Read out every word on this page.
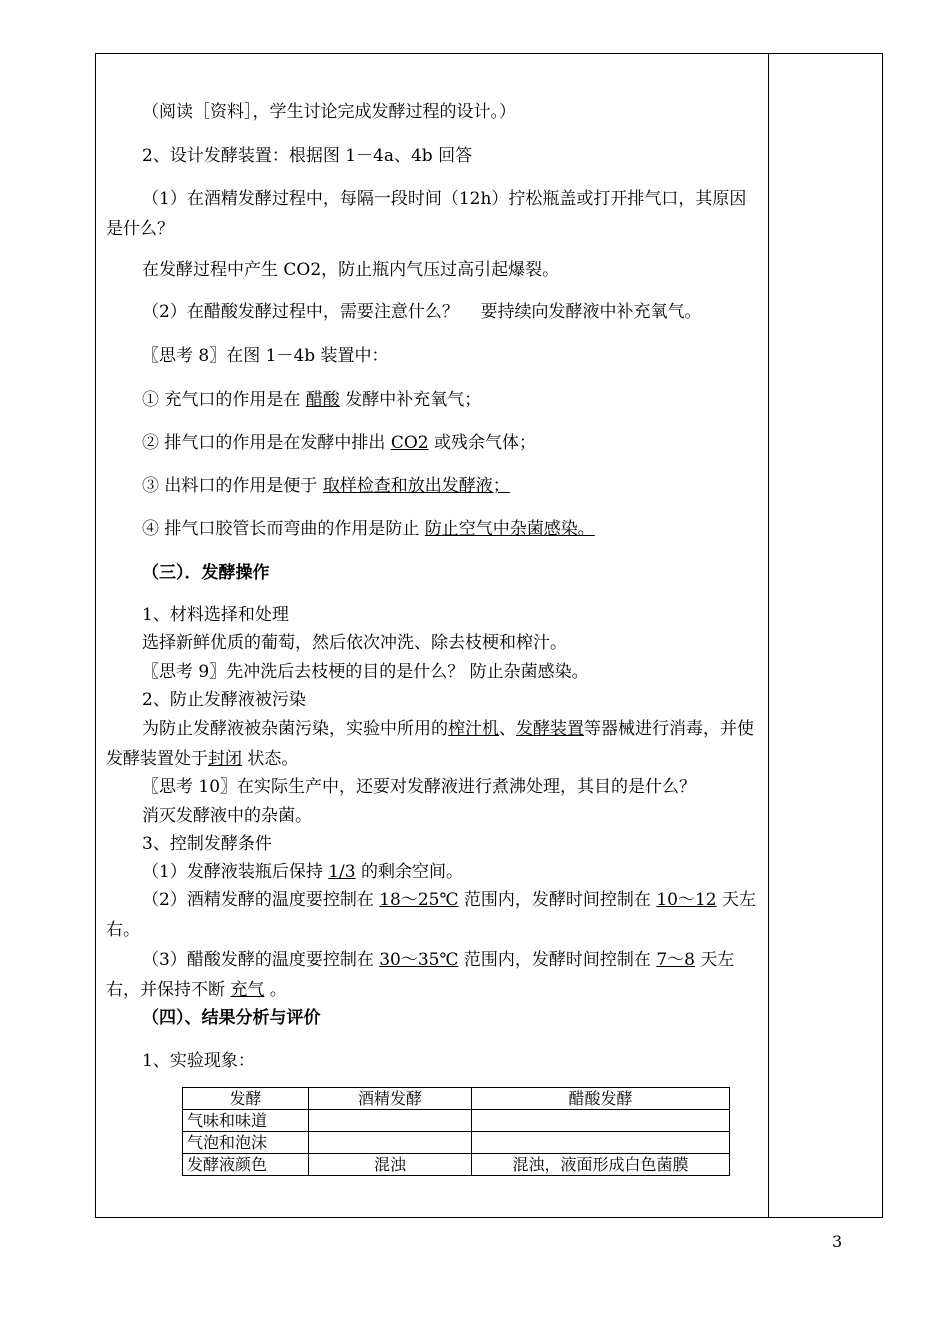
（阅读［资料］，学生讨论完成发酵过程的设计。）
2、设计发酵装置：根据图 1－4a、4b 回答
（1）在酒精发酵过程中，每隔一段时间（12h）拧松瓶盖或打开排气口，其原因是什么？
在发酵过程中产生 CO2，防止瓶内气压过高引起爆裂。
（2）在醋酸发酵过程中，需要注意什么？ 要持续向发酵液中补充氧气。
〖思考 8〗在图 1－4b 装置中：
① 充气口的作用是在 醋酸 发酵中补充氧气；
② 排气口的作用是在发酵中排出 CO2 或残余气体；
③ 出料口的作用是便于 取样检查和放出发酵液；
④ 排气口胶管长而弯曲的作用是防止 防止空气中杂菌感染。
（三）．发酵操作
1、材料选择和处理
选择新鲜优质的葡萄，然后依次冲洗、除去枝梗和榨汁。
〖思考 9〗先冲洗后去枝梗的目的是什么？ 防止杂菌感染。
2、防止发酵液被污染
为防止发酵液被杂菌污染，实验中所用的榨汁机、发酵装置等器械进行消毒，并使发酵装置处于封闭 状态。
〖思考 10〗在实际生产中，还要对发酵液进行煮沸处理，其目的是什么？
消灭发酵液中的杂菌。
3、控制发酵条件
（1）发酵液装瓶后保持 1/3 的剩余空间。
（2）酒精发酵的温度要控制在 18～25℃ 范围内，发酵时间控制在 10～12 天左右。
（3）醋酸发酵的温度要控制在 30～35℃ 范围内，发酵时间控制在 7～8 天左右，并保持不断 充气 。
（四）、结果分析与评价
1、实验现象：
发酵	酒精发酵	醋酸发酵
气味和味道		
气泡和泡沫		
发酵液颜色	混浊	混浊，液面形成白色菌膜
3
